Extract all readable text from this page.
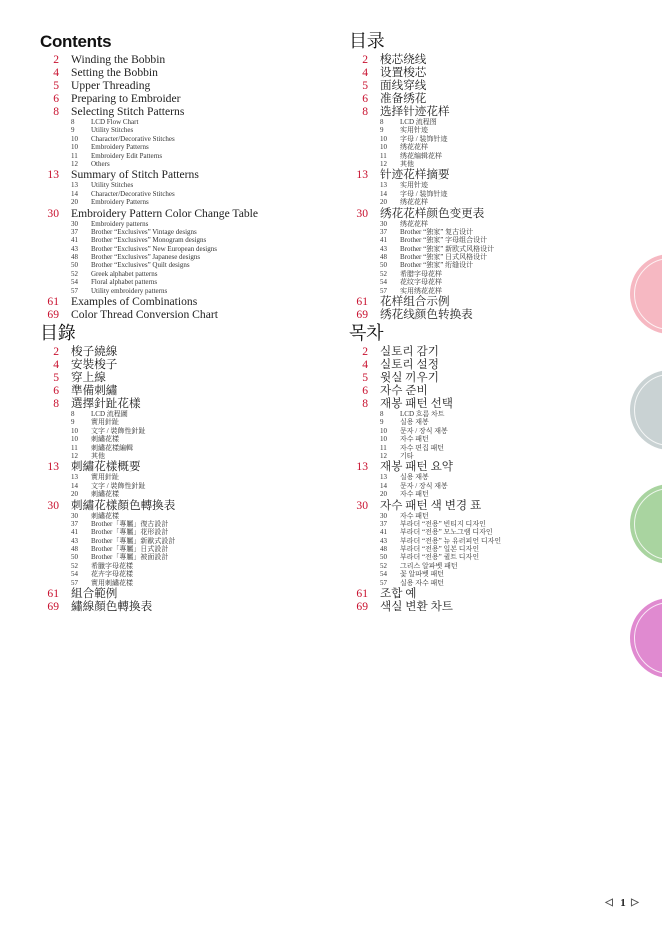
Contents
2 Winding the Bobbin
4 Setting the Bobbin
5 Upper Threading
6 Preparing to Embroider
8 Selecting Stitch Patterns
8 LCD Flow Chart
9 Utility Stitches
10 Character/Decorative Stitches
10 Embroidery Patterns
11 Embroidery Edit Patterns
12 Others
13 Summary of Stitch Patterns
13 Utility Stitches
14 Character/Decorative Stitches
20 Embroidery Patterns
30 Embroidery Pattern Color Change Table
30 Embroidery patterns
37 Brother “Exclusives” Vintage designs
41 Brother “Exclusives” Monogram designs
43 Brother “Exclusives” New European designs
48 Brother “Exclusives” Japanese designs
50 Brother “Exclusives” Quilt designs
52 Greek alphabet patterns
54 Floral alphabet patterns
57 Utility embroidery patterns
61 Examples of Combinations
69 Color Thread Conversion Chart
目錄
2 梭子繞線
4 安裝梭子
5 穿上線
6 準備刺繡
8 選擇針趾花樣
8 LCD 流程圖
9 實用針趾
10 文字 / 裝飾性針趾
10 刺繡花樣
11 刺繡花樣編輯
12 其他
13 刺繡花樣概要
13 實用針趾
14 文字 / 裝飾性針趾
20 刺繡花樣
30 刺繡花樣顏色轉換表
30 刺繡花樣
37 Brother「專屬」復古設計
41 Brother「專屬」花形設計
43 Brother「專屬」新歐式設計
48 Brother「專屬」日式設計
50 Brother「專屬」被面設計
52 希臘字母花樣
54 花卉字母花樣
57 實用刺繡花樣
61 組合範例
69 繡線顏色轉換表
目录
2 梭芯绕线
4 设置梭芯
5 面线穿线
6 准备绣花
8 选择针迹花样
8 LCD 流程图
9 实用针迹
10 字母 / 装饰针迹
10 绣花花样
11 绣花编辑花样
12 其他
13 针迹花样摘要
13 实用针迹
14 字母 / 装饰针迹
20 绣花花样
30 绣花花样颜色变更表
30 绣花花样
37 Brother “独家” 复古设计
41 Brother “独家” 字母组合设计
43 Brother “独家” 新欧式风格设计
48 Brother “独家” 日式风格设计
50 Brother “独家” 绗缝设计
52 希腊字母花样
54 花纹字母花样
57 实用绣花花样
61 花样组合示例
69 绣花线颜色转换表
목차
2 실토리 감기
4 실토리 설정
5 윗실 끼우기
6 자수 준비
8 재봉 패턴 선택
8 LCD 흐름 차트
9 실용 재봉
10 문자 / 장식 재봉
10 자수 패턴
11 자수 편집 패턴
12 기타
13 재봉 패턴 요약
13 실용 재봉
14 문자 / 장식 재봉
20 자수 패턴
30 자수 패턴 색 변경 표
30 자수 패턴
37 부라더 “전용” 빈티지 디자인
41 부라더 “전용” 모노그램 디자인
43 부라더 “전용” 뉴 유러피언 디자인
48 부라더 “전용” 일본 디자인
50 부라더 “전용” 퀼트 디자인
52 그리스 알파벳 패턴
54 꽃 알파벳 패턴
57 실용 자수 패턴
61 조합 예
69 색실 변환 차트
◁ 1 ▷
